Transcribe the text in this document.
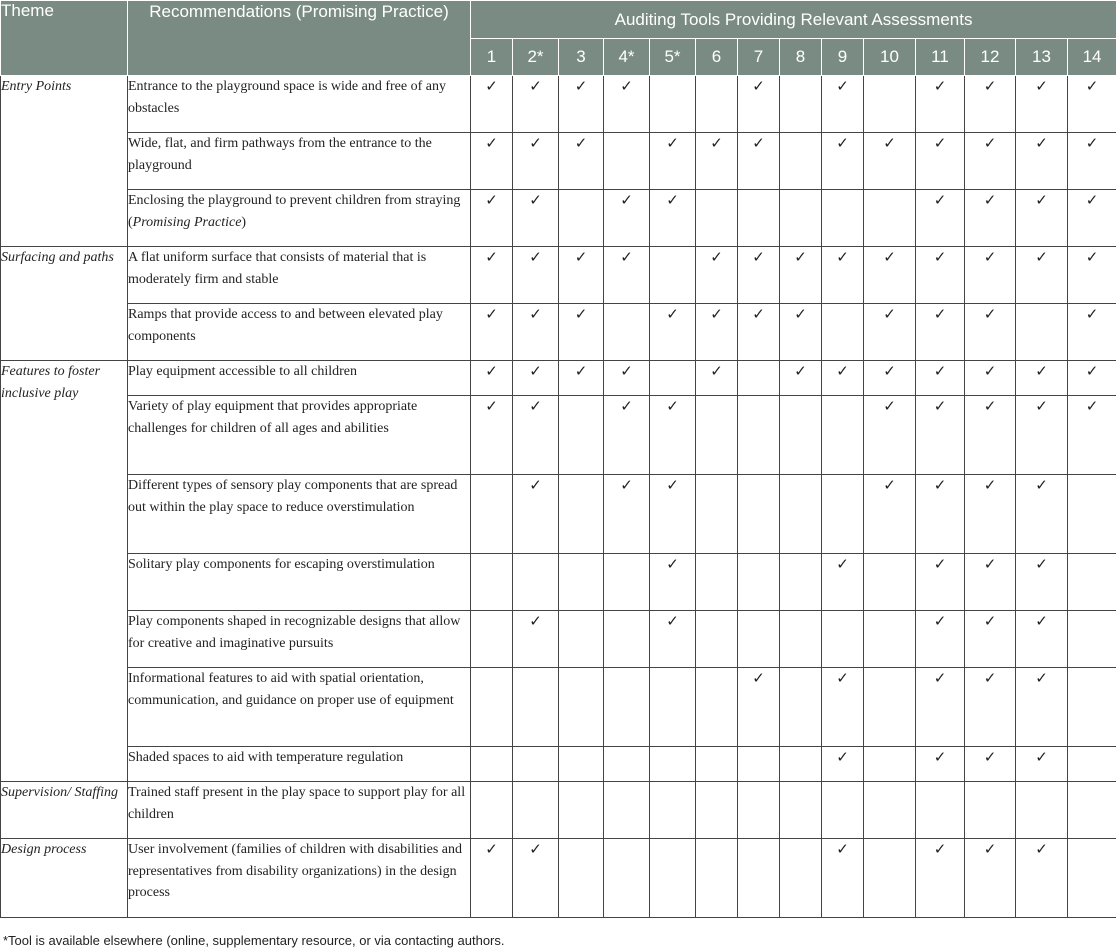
Theme	Recommendations (Promising Practice)	Auditing Tools Providing Relevant Assessments													
		1	2*	3	4*	5*	6	7	8	9	10	11	12	13	14
Entry Points	Entrance to the playground space is wide and free of any obstacles	✓	✓	✓	✓			✓		✓		✓	✓	✓	✓
	Wide, flat, and firm pathways from the entrance to the playground	✓	✓	✓		✓	✓	✓		✓	✓	✓	✓	✓	✓
	Enclosing the playground to prevent children from straying (Promising Practice)	✓	✓		✓	✓						✓	✓	✓	✓
Surfacing and paths	A flat uniform surface that consists of material that is moderately firm and stable	✓	✓	✓	✓		✓	✓	✓	✓	✓	✓	✓	✓	✓
	Ramps that provide access to and between elevated play components	✓	✓	✓		✓	✓	✓	✓		✓	✓	✓		✓
Features to foster inclusive play	Play equipment accessible to all children	✓	✓	✓	✓		✓		✓	✓	✓	✓	✓	✓	✓
	Variety of play equipment that provides appropriate challenges for children of all ages and abilities	✓	✓		✓	✓					✓	✓	✓	✓	✓
	Different types of sensory play components that are spread out within the play space to reduce overstimulation		✓		✓	✓					✓	✓	✓	✓	
	Solitary play components for escaping overstimulation					✓				✓		✓	✓	✓	
	Play components shaped in recognizable designs that allow for creative and imaginative pursuits		✓			✓						✓	✓	✓	
	Informational features to aid with spatial orientation, communication, and guidance on proper use of equipment							✓		✓		✓	✓	✓	
	Shaded spaces to aid with temperature regulation									✓		✓	✓	✓	
Supervision/ Staffing	Trained staff present in the play space to support play for all children														
Design process	User involvement (families of children with disabilities and representatives from disability organizations) in the design process	✓	✓							✓		✓	✓	✓	
*Tool is available elsewhere (online, supplementary resource, or via contacting authors.
